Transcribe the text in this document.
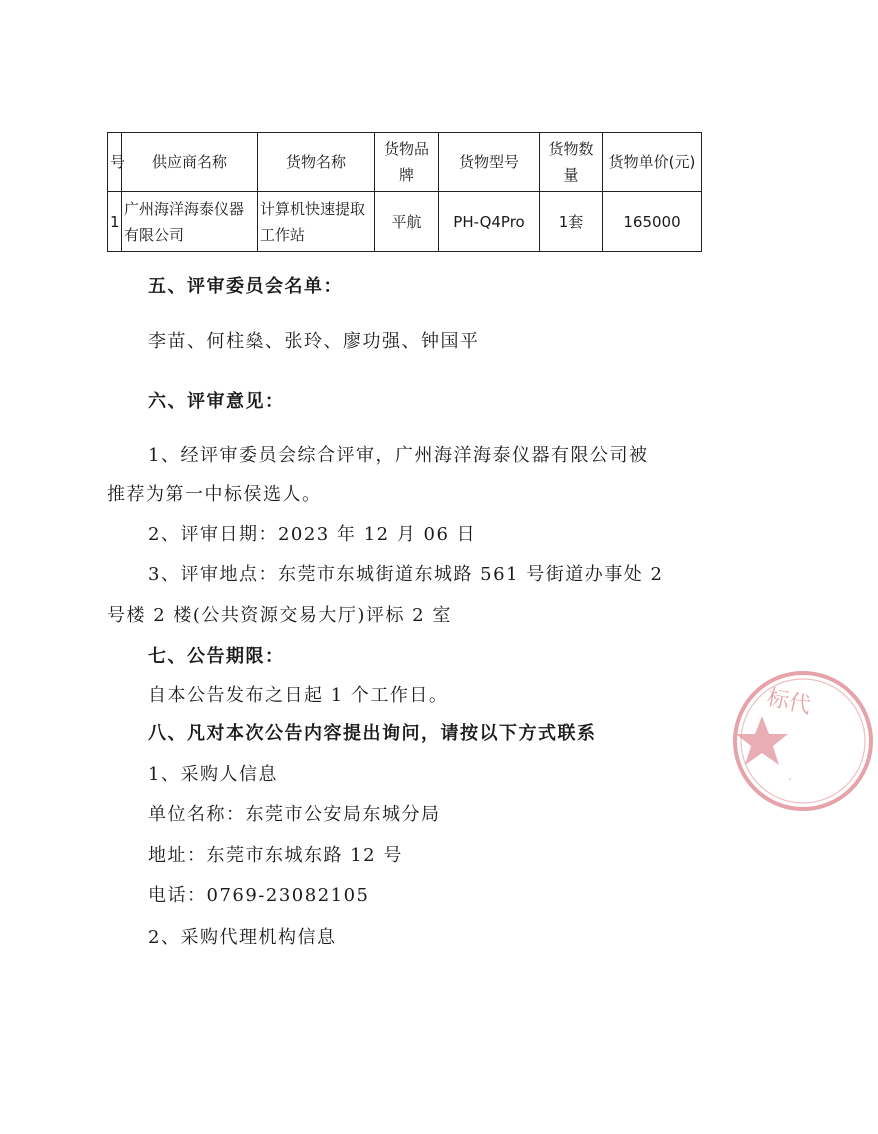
号	供应商名称	货物名称	货物品牌	货物型号	货物数量	货物单价(元)
1	广州海洋海泰仪器有限公司	计算机快速提取工作站	平航	PH-Q4Pro	1套	165000
五、评审委员会名单：
李苗、何柱燊、张玲、廖功强、钟国平
六、评审意见：
1、经评审委员会综合评审，广州海洋海泰仪器有限公司被
推荐为第一中标侯选人。
2、评审日期：2023 年 12 月 06 日
3、评审地点：东莞市东城街道东城路 561 号街道办事处 2
号楼 2 楼(公共资源交易大厅)评标 2 室
七、公告期限：
自本公告发布之日起 1 个工作日。
八、凡对本次公告内容提出询问，请按以下方式联系
1、采购人信息
单位名称：东莞市公安局东城分局
地址：东莞市东城东路 12 号
电话：0769-23082105
2、采购代理机构信息
标代
·
